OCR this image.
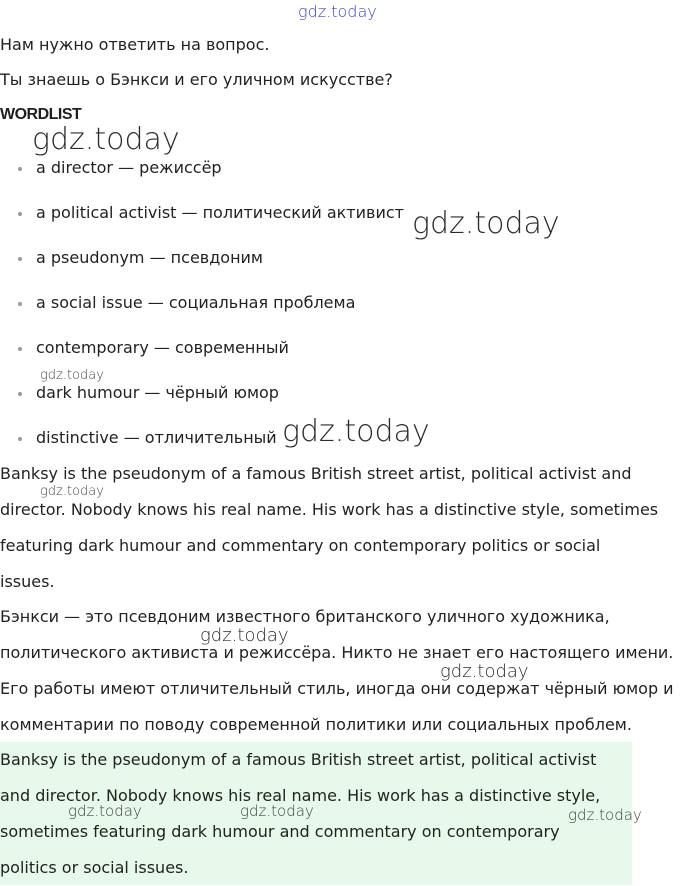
gdz.today

Нам нужно ответить на вопрос.

Ты знаешь о Бэнкси и его уличном искусстве?

WORDLIST
a director — режиссёр
a political activist — политический активист
a pseudonym — псевдоним
a social issue — социальная проблема
contemporary — современный
dark humour — чёрный юмор
distinctive — отличительный

Banksy is the pseudonym of a famous British street artist, political activist and

director. Nobody knows his real name. His work has a distinctive style, sometimes

featuring dark humour and commentary on contemporary politics or social

issues.

Бэнкси — это псевдоним известного британского уличного художника,

политического активиста и режиссёра. Никто не знает его настоящего имени.

Его работы имеют отличительный стиль, иногда они содержат чёрный юмор и

комментарии по поводу современной политики или социальных проблем.

Banksy is the pseudonym of a famous British street artist, political activist

and director. Nobody knows his real name. His work has a distinctive style,

sometimes featuring dark humour and commentary on contemporary

politics or social issues.

gdz.today
gdz.today
gdz.today
gdz.today
gdz.today
gdz.today
gdz.today
gdz.today	gdz.today	gdz.today
